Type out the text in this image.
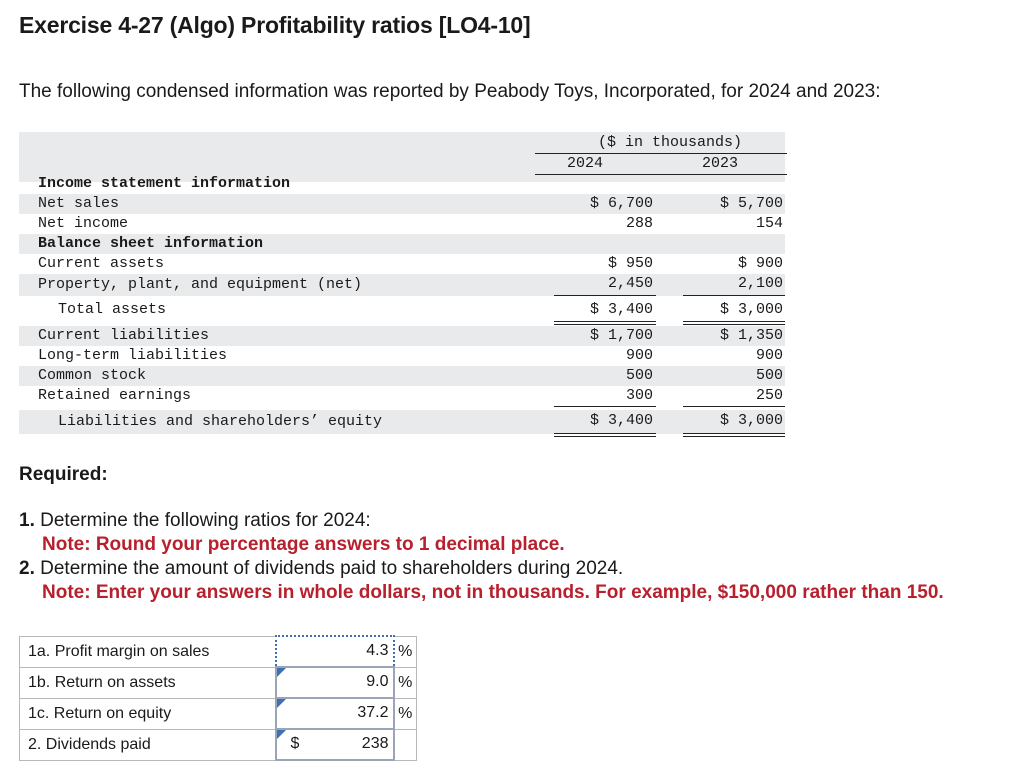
Exercise 4-27 (Algo) Profitability ratios [LO4-10]
The following condensed information was reported by Peabody Toys, Incorporated, for 2024 and 2023:
($ in thousands)
2024	2023
Income statement information
Net sales	$ 6,700	$ 5,700
Net income	288	154
Balance sheet information
Current assets	$ 950	$ 900
Property, plant, and equipment (net)	2,450	2,100
Total assets	$ 3,400	$ 3,000
Current liabilities	$ 1,700	$ 1,350
Long-term liabilities	900	900
Common stock	500	500
Retained earnings	300	250
Liabilities and shareholders’ equity	$ 3,400	$ 3,000
Required:
1. Determine the following ratios for 2024:
Note: Round your percentage answers to 1 decimal place.
2. Determine the amount of dividends paid to shareholders during 2024.
Note: Enter your answers in whole dollars, not in thousands. For example, $150,000 rather than 150.
1a. Profit margin on sales	4.3	%
1b. Return on assets	9.0	%
1c. Return on equity	37.2	%
2. Dividends paid	$ 238	
